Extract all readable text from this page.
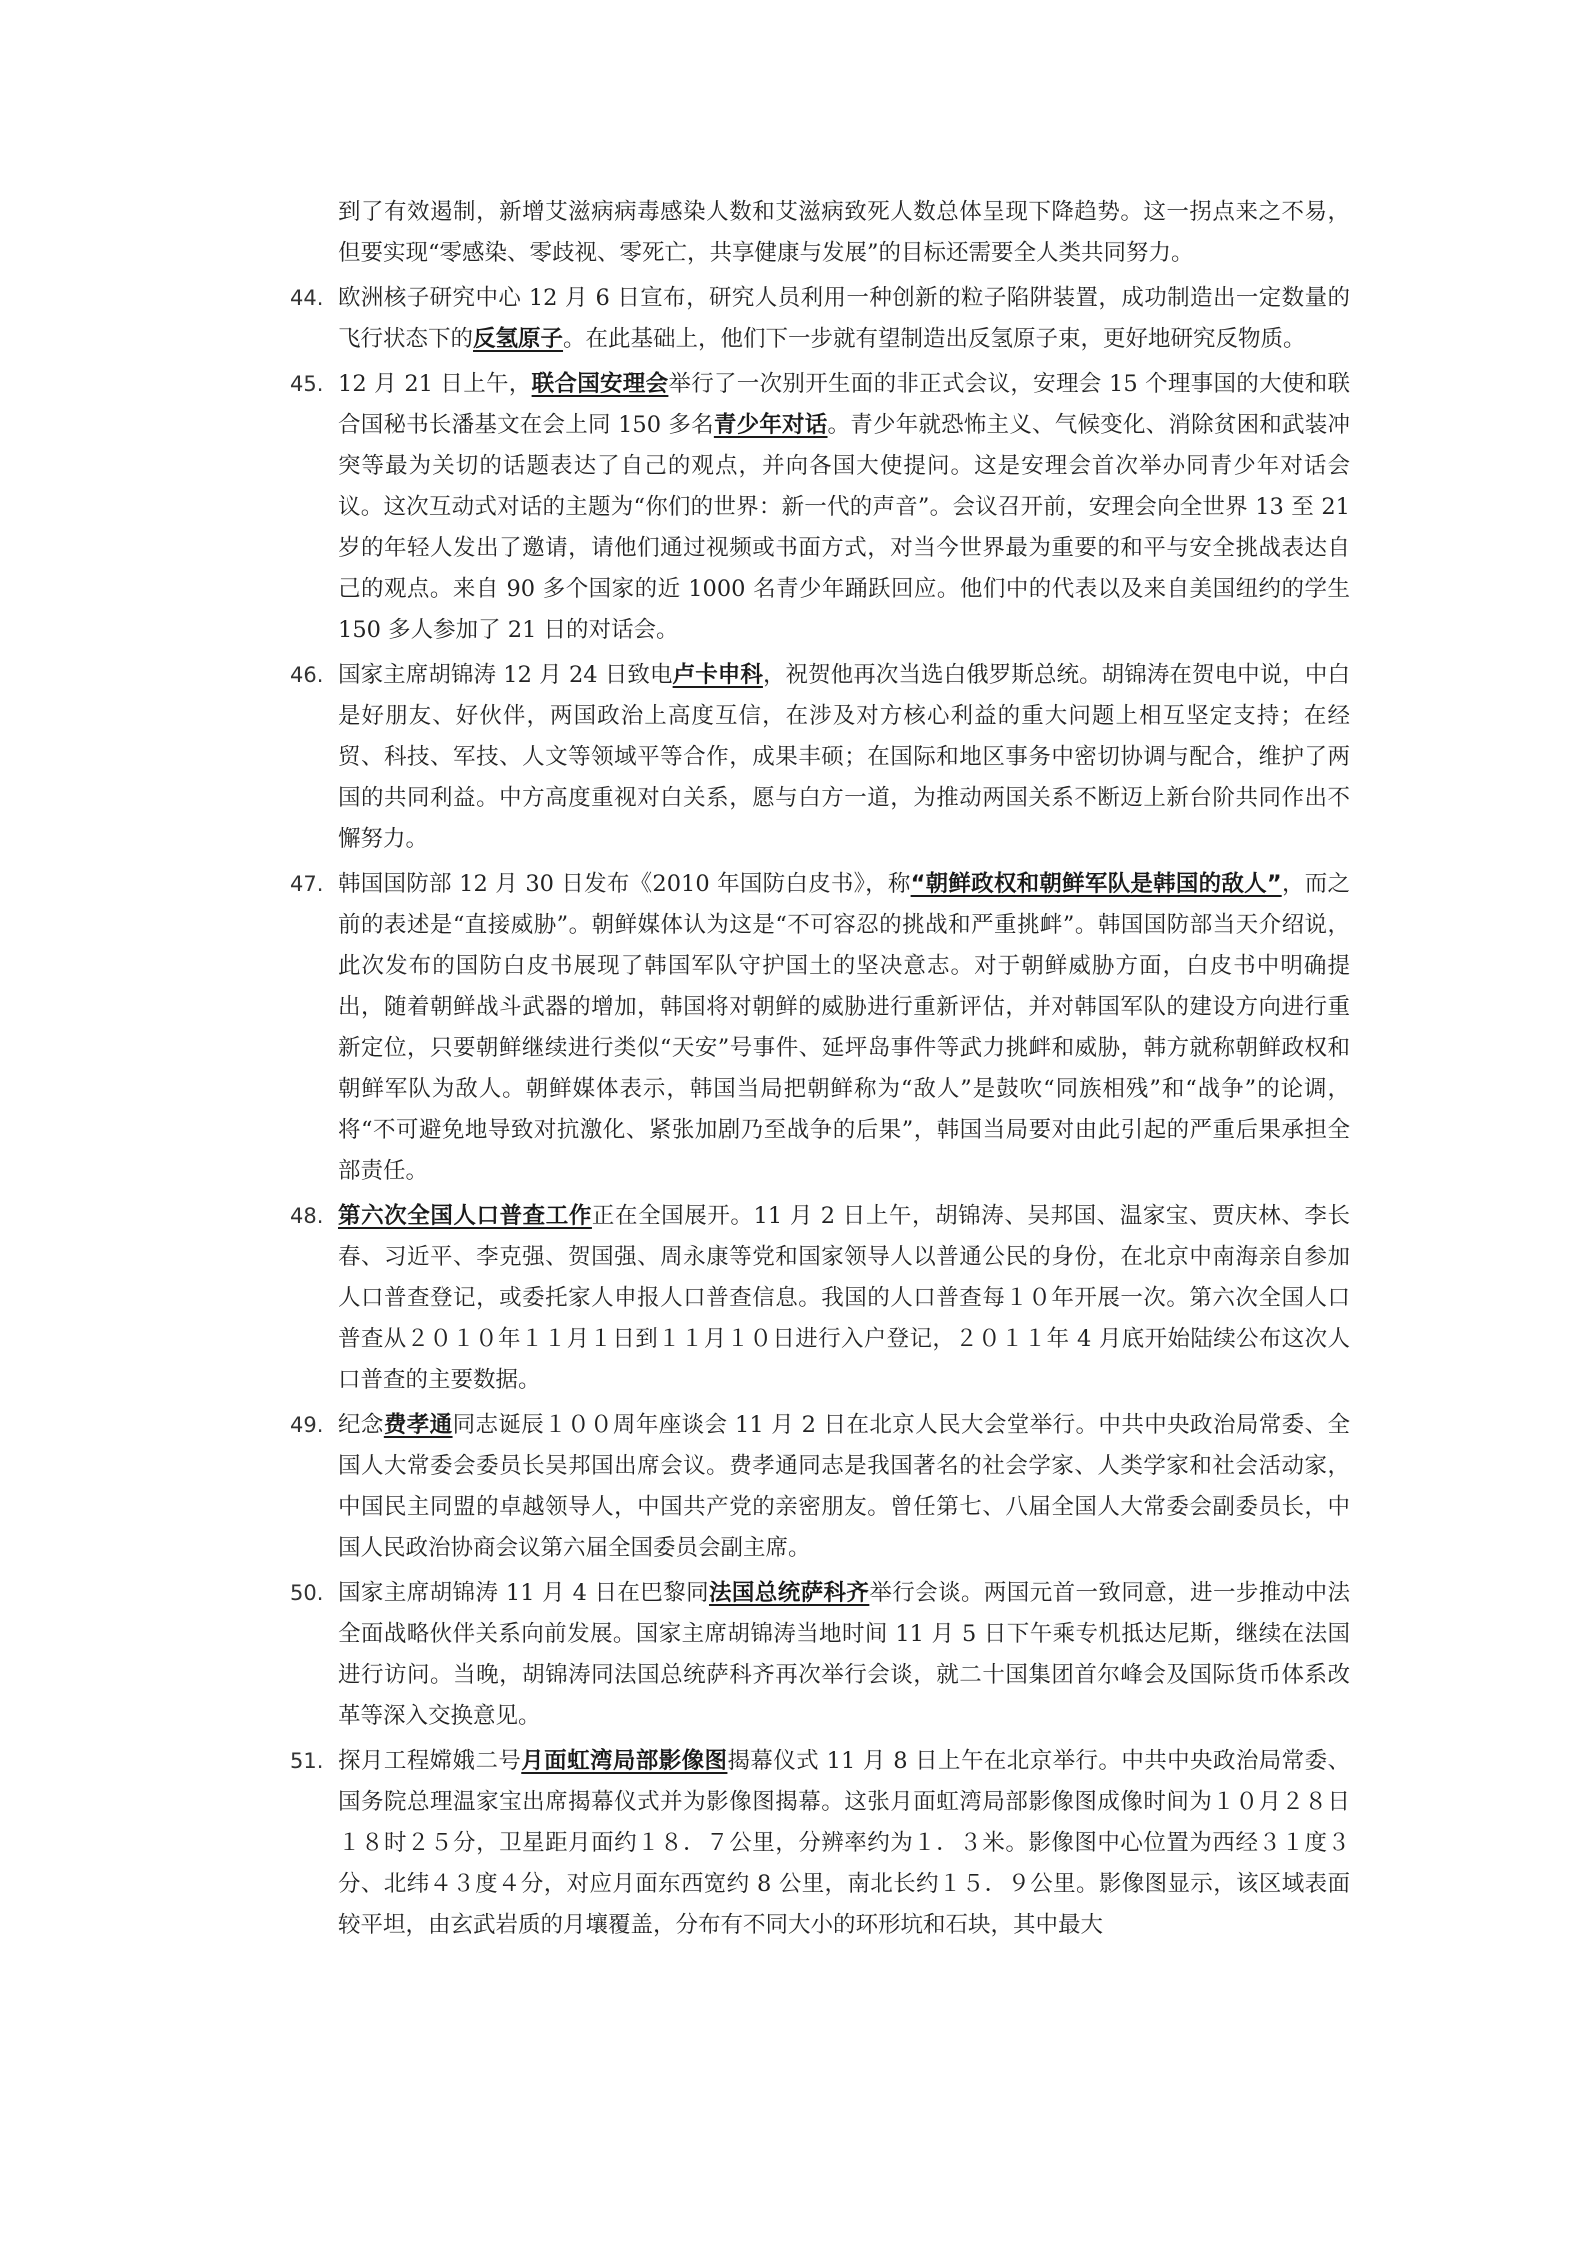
到了有效遏制，新增艾滋病病毒感染人数和艾滋病致死人数总体呈现下降趋势。这一拐点来之不易，但要实现“零感染、零歧视、零死亡，共享健康与发展”的目标还需要全人类共同努力。

44. 欧洲核子研究中心 12 月 6 日宣布，研究人员利用一种创新的粒子陷阱装置，成功制造出一定数量的飞行状态下的反氢原子。在此基础上，他们下一步就有望制造出反氢原子束，更好地研究反物质。

45. 12 月 21 日上午，联合国安理会举行了一次别开生面的非正式会议，安理会 15 个理事国的大使和联合国秘书长潘基文在会上同 150 多名青少年对话。青少年就恐怖主义、气候变化、消除贫困和武装冲突等最为关切的话题表达了自己的观点，并向各国大使提问。这是安理会首次举办同青少年对话会议。这次互动式对话的主题为“你们的世界：新一代的声音”。会议召开前，安理会向全世界 13 至 21 岁的年轻人发出了邀请，请他们通过视频或书面方式，对当今世界最为重要的和平与安全挑战表达自己的观点。来自 90 多个国家的近 1000 名青少年踊跃回应。他们中的代表以及来自美国纽约的学生 150 多人参加了 21 日的对话会。

46. 国家主席胡锦涛 12 月 24 日致电卢卡申科，祝贺他再次当选白俄罗斯总统。胡锦涛在贺电中说，中白是好朋友、好伙伴，两国政治上高度互信，在涉及对方核心利益的重大问题上相互坚定支持；在经贸、科技、军技、人文等领域平等合作，成果丰硕；在国际和地区事务中密切协调与配合，维护了两国的共同利益。中方高度重视对白关系，愿与白方一道，为推动两国关系不断迈上新台阶共同作出不懈努力。

47. 韩国国防部 12 月 30 日发布《2010 年国防白皮书》，称“朝鲜政权和朝鲜军队是韩国的敌人”，而之前的表述是“直接威胁”。朝鲜媒体认为这是“不可容忍的挑战和严重挑衅”。韩国国防部当天介绍说，此次发布的国防白皮书展现了韩国军队守护国土的坚决意志。对于朝鲜威胁方面，白皮书中明确提出，随着朝鲜战斗武器的增加，韩国将对朝鲜的威胁进行重新评估，并对韩国军队的建设方向进行重新定位，只要朝鲜继续进行类似“天安”号事件、延坪岛事件等武力挑衅和威胁，韩方就称朝鲜政权和朝鲜军队为敌人。朝鲜媒体表示，韩国当局把朝鲜称为“敌人”是鼓吹“同族相残”和“战争”的论调，将“不可避免地导致对抗激化、紧张加剧乃至战争的后果”，韩国当局要对由此引起的严重后果承担全部责任。

48. 第六次全国人口普查工作正在全国展开。11 月 2 日上午，胡锦涛、吴邦国、温家宝、贾庆林、李长春、习近平、李克强、贺国强、周永康等党和国家领导人以普通公民的身份，在北京中南海亲自参加人口普查登记，或委托家人申报人口普查信息。我国的人口普查每１０年开展一次。第六次全国人口普查从２０１０年１１月１日到１１月１０日进行入户登记，２０１１年 4 月底开始陆续公布这次人口普查的主要数据。

49. 纪念费孝通同志诞辰１００周年座谈会 11 月 2 日在北京人民大会堂举行。中共中央政治局常委、全国人大常委会委员长吴邦国出席会议。费孝通同志是我国著名的社会学家、人类学家和社会活动家，中国民主同盟的卓越领导人，中国共产党的亲密朋友。曾任第七、八届全国人大常委会副委员长，中国人民政治协商会议第六届全国委员会副主席。

50. 国家主席胡锦涛 11 月 4 日在巴黎同法国总统萨科齐举行会谈。两国元首一致同意，进一步推动中法全面战略伙伴关系向前发展。国家主席胡锦涛当地时间 11 月 5 日下午乘专机抵达尼斯，继续在法国进行访问。当晚，胡锦涛同法国总统萨科齐再次举行会谈，就二十国集团首尔峰会及国际货币体系改革等深入交换意见。

51. 探月工程嫦娥二号月面虹湾局部影像图揭幕仪式 11 月 8 日上午在北京举行。中共中央政治局常委、国务院总理温家宝出席揭幕仪式并为影像图揭幕。这张月面虹湾局部影像图成像时间为１０月２８日１８时２５分，卫星距月面约１８．７公里，分辨率约为１．３米。影像图中心位置为西经３１度３分、北纬４３度４分，对应月面东西宽约 8 公里，南北长约１５．９公里。影像图显示，该区域表面较平坦，由玄武岩质的月壤覆盖，分布有不同大小的环形坑和石块，其中最大
